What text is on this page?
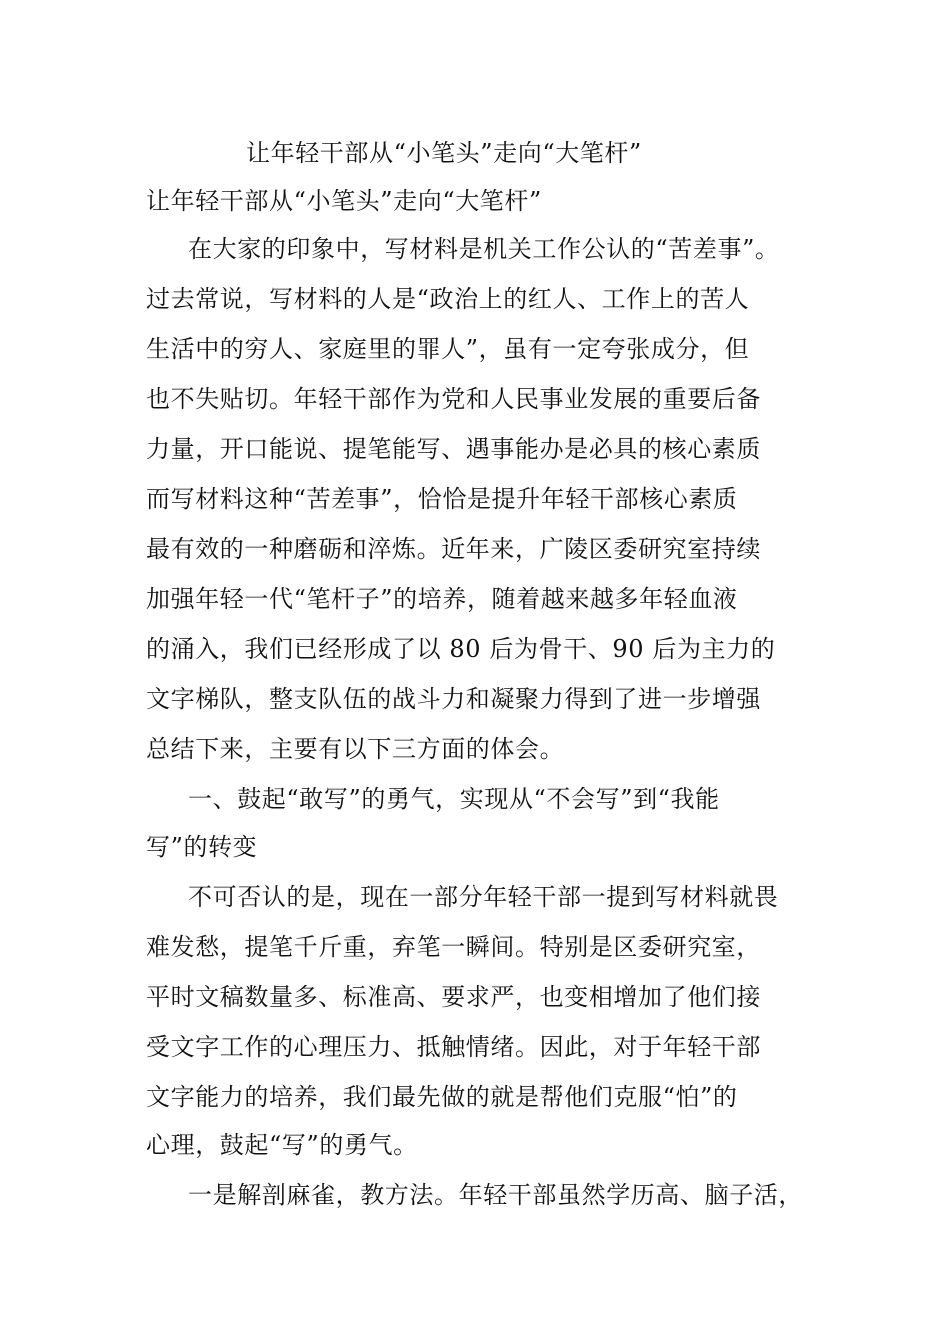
让年轻干部从“小笔头”走向“大笔杆”
让年轻干部从“小笔头”走向“大笔杆”
在大家的印象中，写材料是机关工作公认的“苦差事”。
过去常说，写材料的人是“政治上的红人、工作上的苦人
生活中的穷人、家庭里的罪人”，虽有一定夸张成分，但
也不失贴切。年轻干部作为党和人民事业发展的重要后备
力量，开口能说、提笔能写、遇事能办是必具的核心素质
而写材料这种“苦差事”，恰恰是提升年轻干部核心素质
最有效的一种磨砺和淬炼。近年来，广陵区委研究室持续
加强年轻一代“笔杆子”的培养，随着越来越多年轻血液
的涌入，我们已经形成了以 80 后为骨干、90 后为主力的
文字梯队，整支队伍的战斗力和凝聚力得到了进一步增强
总结下来，主要有以下三方面的体会。
一、鼓起“敢写”的勇气，实现从“不会写”到“我能
写”的转变
不可否认的是，现在一部分年轻干部一提到写材料就畏
难发愁，提笔千斤重，弃笔一瞬间。特别是区委研究室，
平时文稿数量多、标准高、要求严，也变相增加了他们接
受文字工作的心理压力、抵触情绪。因此，对于年轻干部
文字能力的培养，我们最先做的就是帮他们克服“怕”的
心理，鼓起“写”的勇气。
一是解剖麻雀，教方法。年轻干部虽然学历高、脑子活，
